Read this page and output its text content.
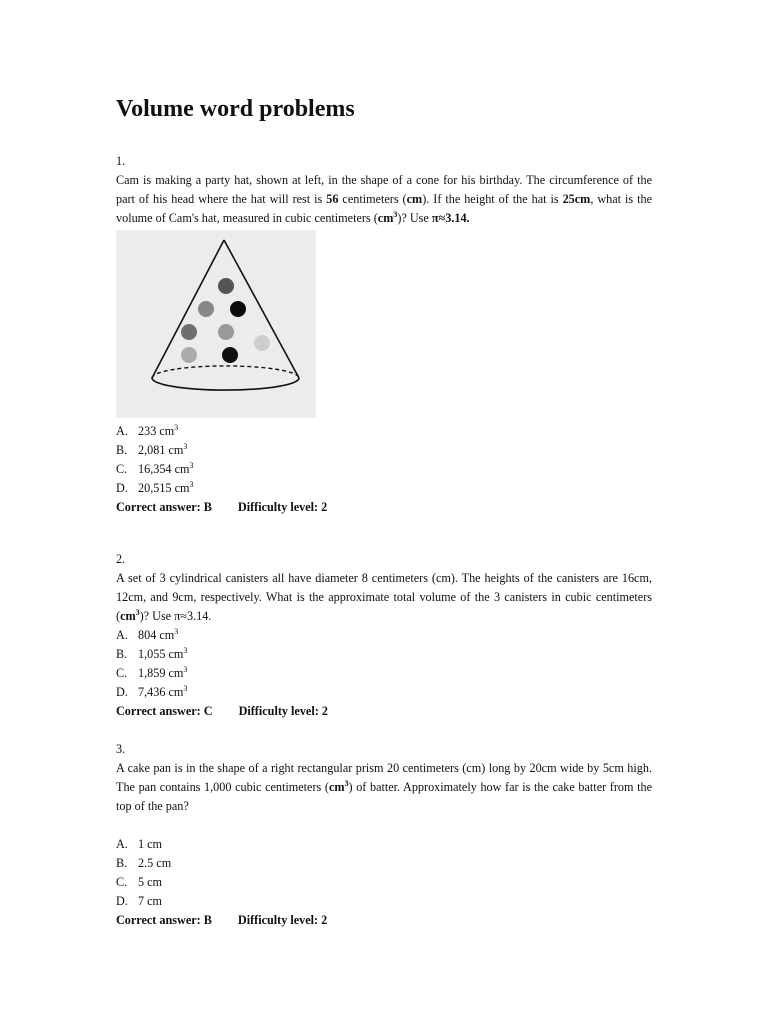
Volume word problems
1.
Cam is making a party hat, shown at left, in the shape of a cone for his birthday. The circumference of the part of his head where the hat will rest is 56 centimeters (cm). If the height of the hat is 25cm, what is the volume of Cam's hat, measured in cubic centimeters $(cm^3)$? Use π≈3.14.
A. 233 $cm^3$
B. 2,081 $cm^3$
C. 16,354 $cm^3$
D. 20,515 $cm^3$
Correct answer: B Difficulty level: 2
2.
A set of 3 cylindrical canisters all have diameter 8 centimeters (cm). The heights of the canisters are 16cm, 12cm, and 9cm, respectively. What is the approximate total volume of the 3 canisters in cubic centimeters $(cm^3)$? Use π≈3.14.
A. 804 $cm^3$
B. 1,055 $cm^3$
C. 1,859 $cm^3$
D. 7,436 $cm^3$
Correct answer: C Difficulty level: 2
3.
A cake pan is in the shape of a right rectangular prism 20 centimeters (cm) long by 20cm wide by 5cm high. The pan contains 1,000 cubic centimeters $(cm^3)$ of batter. Approximately how far is the cake batter from the top of the pan?
A. 1 cm
B. 2.5 cm
C. 5 cm
D. 7 cm
Correct answer: B Difficulty level: 2
